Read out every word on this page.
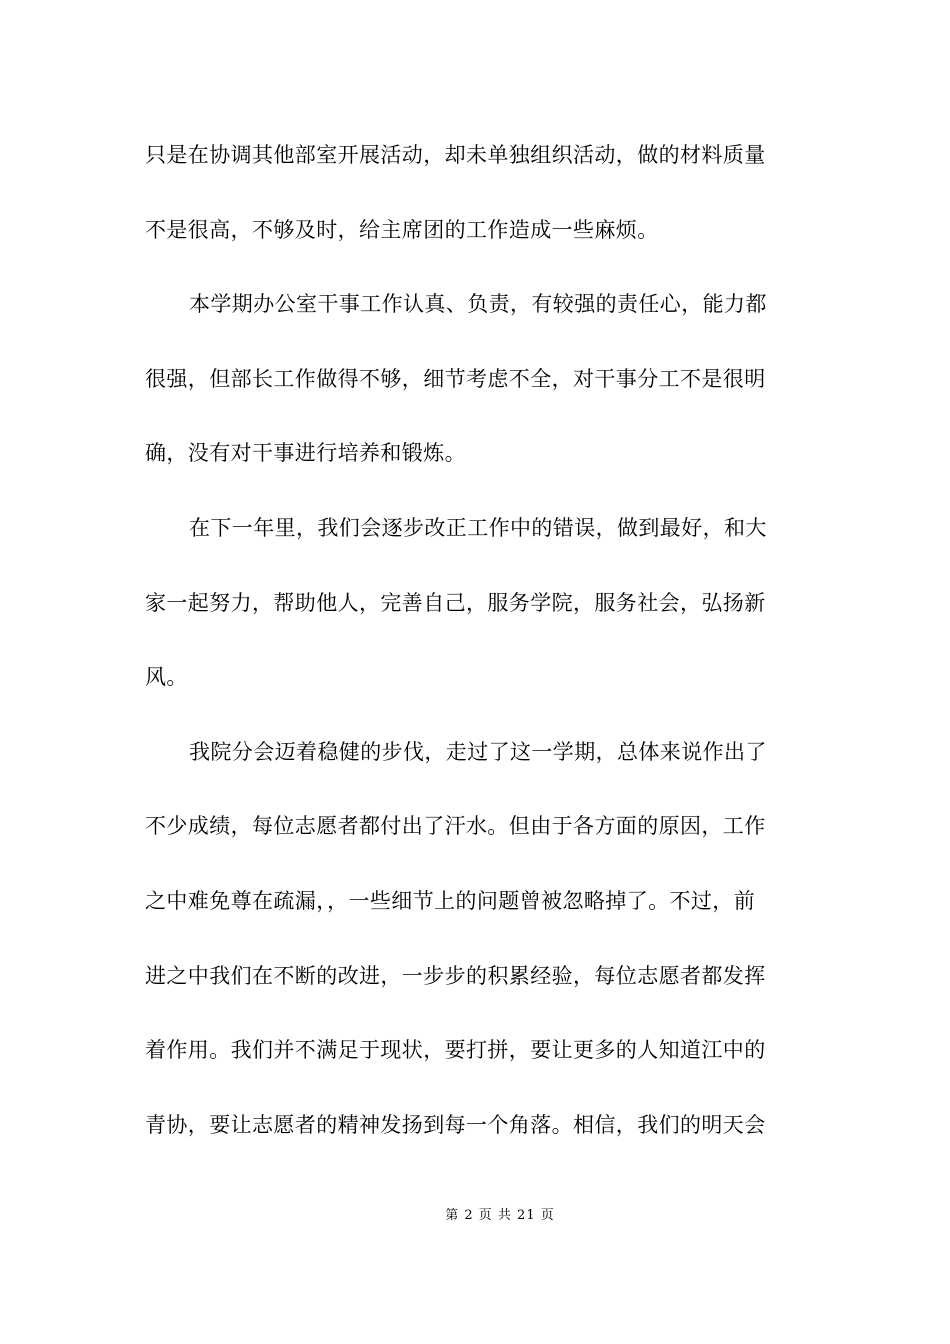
只是在协调其他部室开展活动，却未单独组织活动，做的材料质量
不是很高，不够及时，给主席团的工作造成一些麻烦。
本学期办公室干事工作认真、负责，有较强的责任心，能力都
很强，但部长工作做得不够，细节考虑不全，对干事分工不是很明
确，没有对干事进行培养和锻炼。
在下一年里，我们会逐步改正工作中的错误，做到最好，和大
家一起努力，帮助他人，完善自己，服务学院，服务社会，弘扬新
风。
我院分会迈着稳健的步伐，走过了这一学期，总体来说作出了
不少成绩，每位志愿者都付出了汗水。但由于各方面的原因，工作
之中难免尊在疏漏，，一些细节上的问题曾被忽略掉了。不过，前
进之中我们在不断的改进，一步步的积累经验，每位志愿者都发挥
着作用。我们并不满足于现状，要打拼，要让更多的人知道江中的
青协，要让志愿者的精神发扬到每一个角落。相信，我们的明天会
第 2 页 共 21 页
